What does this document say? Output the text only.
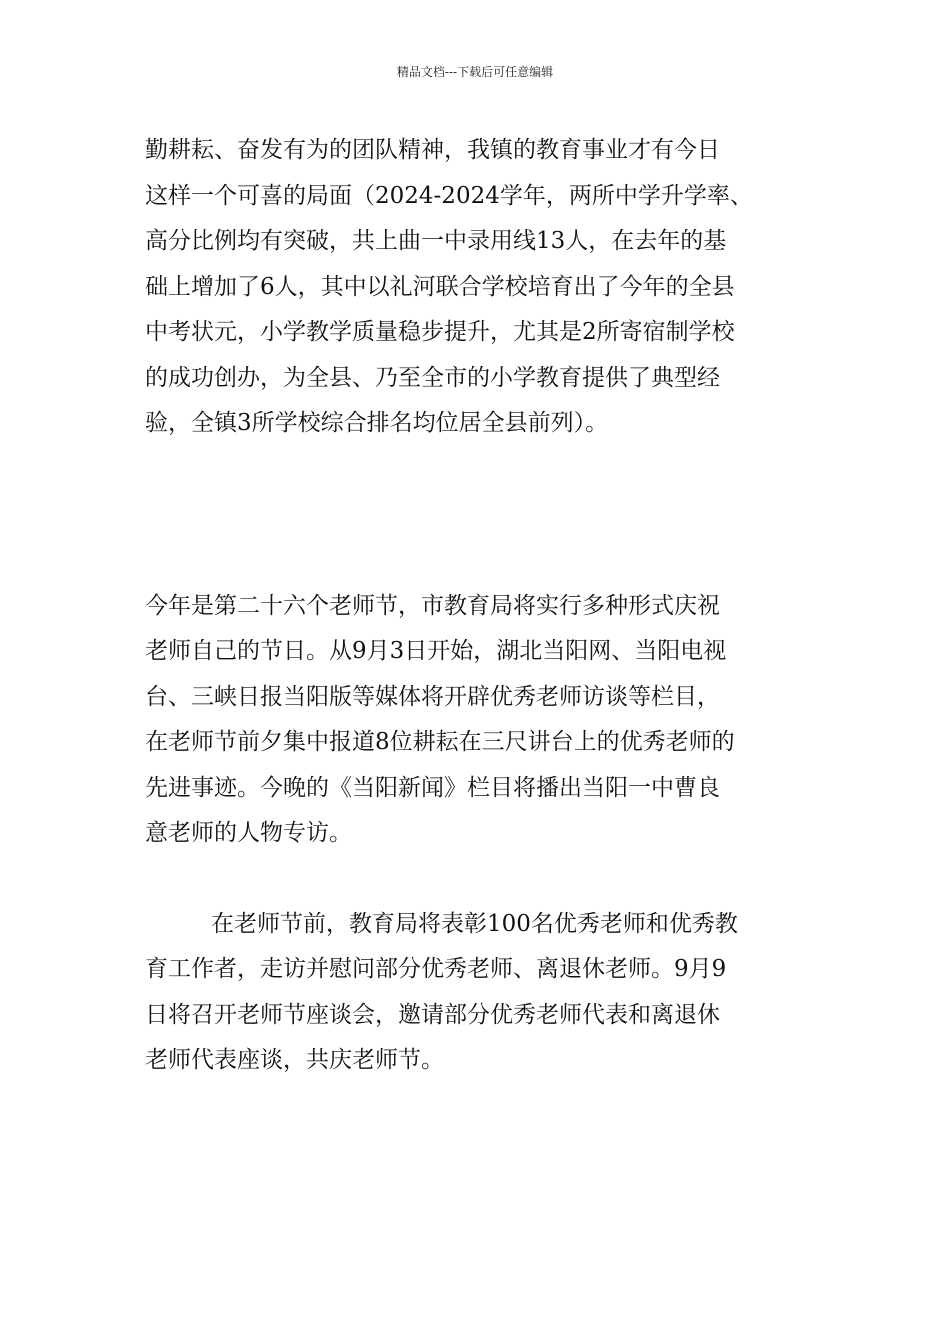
精品文档---下载后可任意编辑

勤耕耘、奋发有为的团队精神，我镇的教育事业才有今日
这样一个可喜的局面（2024-2024学年，两所中学升学率、
高分比例均有突破，共上曲一中录用线13人，在去年的基
础上增加了6人，其中以礼河联合学校培育出了今年的全县
中考状元，小学教学质量稳步提升，尤其是2所寄宿制学校
的成功创办，为全县、乃至全市的小学教育提供了典型经
验，全镇3所学校综合排名均位居全县前列）。

今年是第二十六个老师节，市教育局将实行多种形式庆祝
老师自己的节日。从9月3日开始，湖北当阳网、当阳电视
台、三峡日报当阳版等媒体将开辟优秀老师访谈等栏目，
在老师节前夕集中报道8位耕耘在三尺讲台上的优秀老师的
先进事迹。今晚的《当阳新闻》栏目将播出当阳一中曹良
意老师的人物专访。

在老师节前，教育局将表彰100名优秀老师和优秀教
育工作者，走访并慰问部分优秀老师、离退休老师。9月9
日将召开老师节座谈会，邀请部分优秀老师代表和离退休
老师代表座谈，共庆老师节。
